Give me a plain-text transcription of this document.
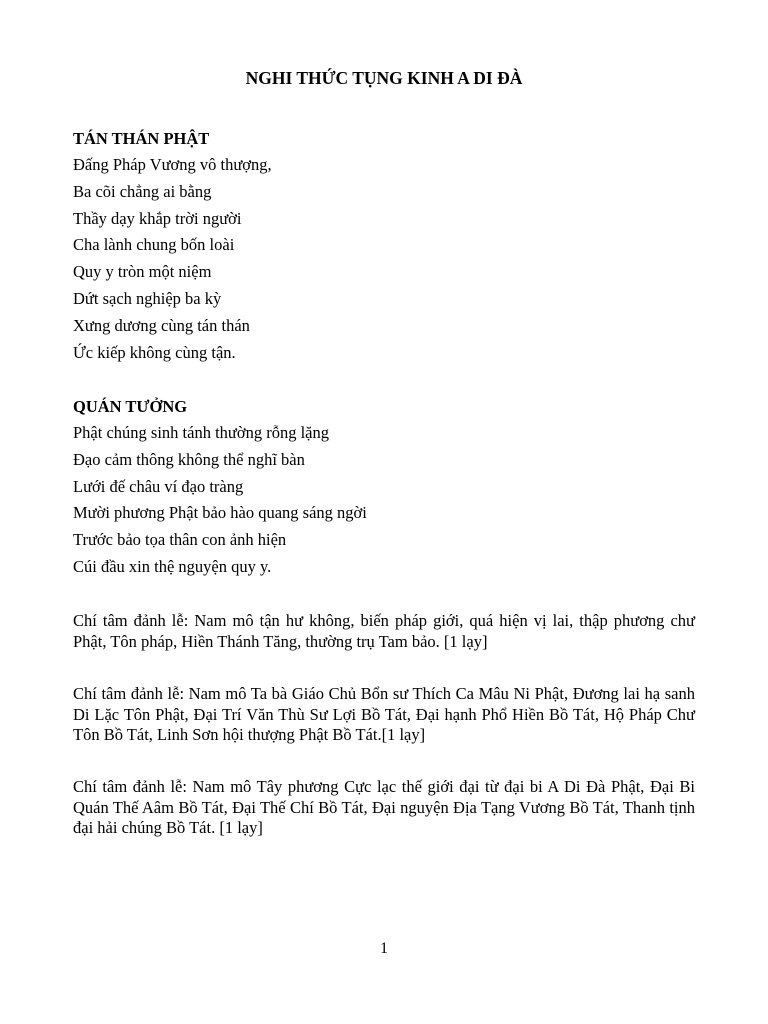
NGHI THỨC TỤNG KINH A DI ĐÀ

TÁN THÁN PHẬT

Đấng Pháp Vương vô thượng,

Ba cõi chẳng ai bằng

Thầy dạy khắp trời người

Cha lành chung bốn loài

Quy y tròn một niệm

Dứt sạch nghiệp ba kỳ

Xưng dương cùng tán thán

Ức kiếp không cùng tận.

QUÁN TƯỞNG

Phật chúng sinh tánh thường rỗng lặng

Đạo cảm thông không thể nghĩ bàn

Lưới đế châu ví đạo tràng

Mười phương Phật bảo hào quang sáng ngời

Trước bảo tọa thân con ảnh hiện

Cúi đầu xin thệ nguyện quy y.

Chí tâm đảnh lễ: Nam mô tận hư không, biến pháp giới, quá hiện vị lai, thập phương chư Phật, Tôn pháp, Hiền Thánh Tăng, thường trụ Tam bảo. [1 lạy]

Chí tâm đảnh lễ: Nam mô Ta bà Giáo Chủ Bổn sư Thích Ca Mâu Ni Phật, Đương lai hạ sanh Di Lặc Tôn Phật, Đại Trí Văn Thù Sư Lợi Bồ Tát, Đại hạnh Phổ Hiền Bồ Tát, Hộ Pháp Chư Tôn Bồ Tát, Linh Sơn hội thượng Phật Bồ Tát.[1 lạy]

Chí tâm đảnh lễ: Nam mô Tây phương Cực lạc thế giới đại từ đại bi A Di Đà Phật, Đại Bi Quán Thế Aâm Bồ Tát, Đại Thế Chí Bồ Tát, Đại nguyện Địa Tạng Vương Bồ Tát, Thanh tịnh đại hải chúng Bồ Tát. [1 lạy]

1
